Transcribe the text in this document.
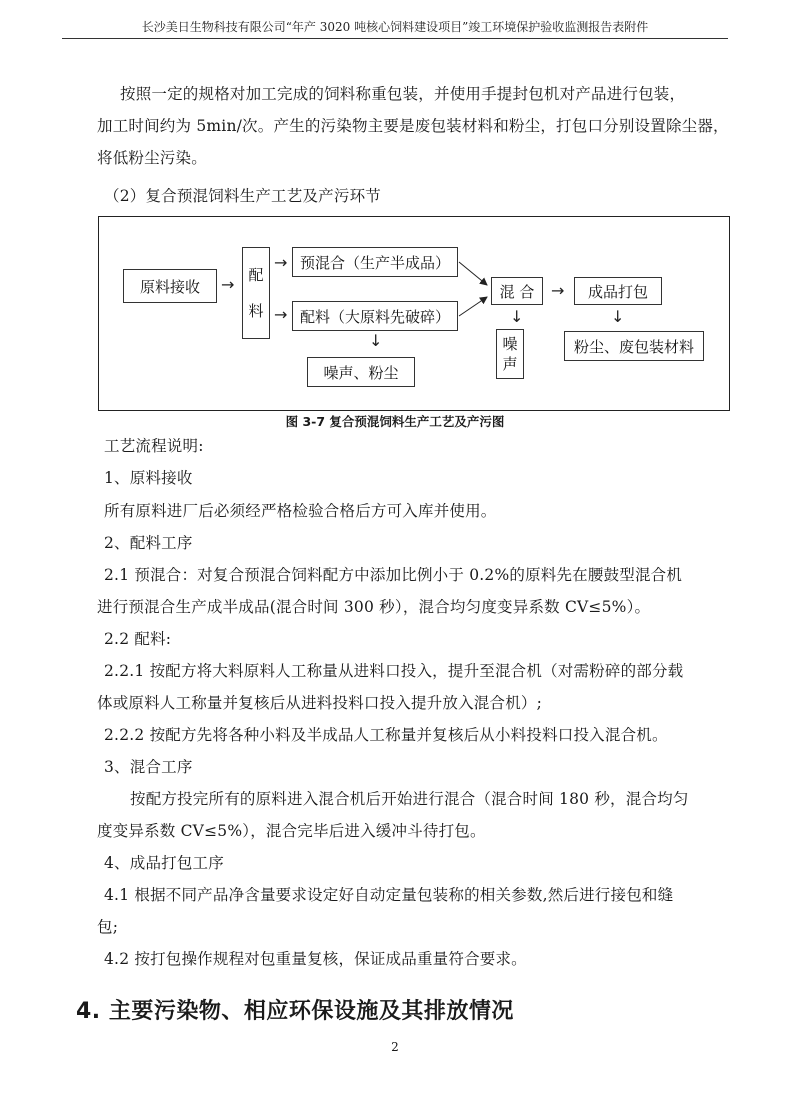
长沙美日生物科技有限公司“年产 3020 吨核心饲料建设项目”竣工环境保护验收监测报告表附件
按照一定的规格对加工完成的饲料称重包装，并使用手提封包机对产品进行包装，
加工时间约为 5min/次。产生的污染物主要是废包装材料和粉尘，打包口分别设置除尘器，
将低粉尘污染。
（2）复合预混饲料生产工艺及产污环节
原料接收	→ 配
料
→
→
预混合（生产半成品）
配料（大原料先破碎）
↓
噪声、粉尘
混 合
↓
噪
声
→	成品打包
↓
粉尘、废包装材料
图 3-7 复合预混饲料生产工艺及产污图
工艺流程说明:
1、原料接收
所有原料进厂后必须经严格检验合格后方可入库并使用。
2、配料工序
2.1 预混合：对复合预混合饲料配方中添加比例小于 0.2%的原料先在腰鼓型混合机
进行预混合生产成半成品(混合时间 300 秒），混合均匀度变异系数 CV≤5%）。
2.2 配料:
2.2.1 按配方将大料原料人工称量从进料口投入，提升至混合机（对需粉碎的部分载
体或原料人工称量并复核后从进料投料口投入提升放入混合机）;
2.2.2 按配方先将各种小料及半成品人工称量并复核后从小料投料口投入混合机。
3、混合工序
按配方投完所有的原料进入混合机后开始进行混合（混合时间 180 秒，混合均匀
度变异系数 CV≤5%），混合完毕后进入缓冲斗待打包。
4、成品打包工序
4.1 根据不同产品净含量要求设定好自动定量包装称的相关参数,然后进行接包和缝
包;
4.2 按打包操作规程对包重量复核，保证成品重量符合要求。
4. 主要污染物、相应环保设施及其排放情况
2
